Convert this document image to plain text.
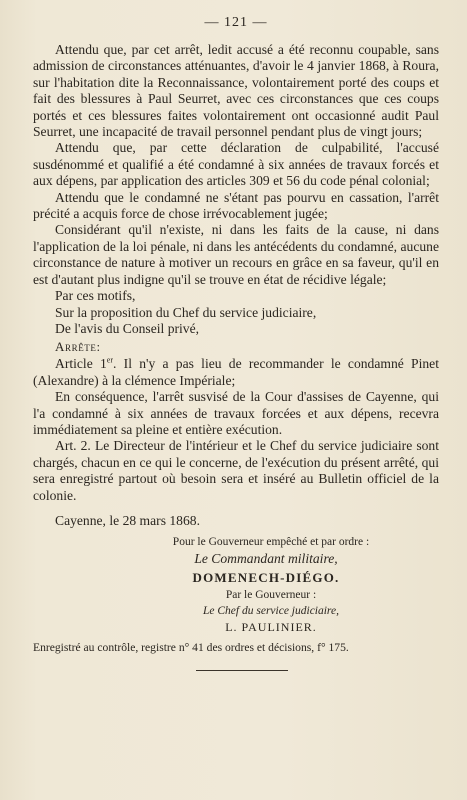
— 121 —

Attendu que, par cet arrêt, ledit accusé a été reconnu coupable, sans admission de circonstances atténuantes, d'avoir le 4 janvier 1868, à Roura, sur l'habitation dite la Reconnaissance, volontairement porté des coups et fait des blessures à Paul Seurret, avec ces circonstances que ces coups portés et ces blessures faites volontairement ont occasionné audit Paul Seurret, une incapacité de travail personnel pendant plus de vingt jours;

Attendu que, par cette déclaration de culpabilité, l'accusé susdénommé et qualifié a été condamné à six années de travaux forcés et aux dépens, par application des articles 309 et 56 du code pénal colonial;

Attendu que le condamné ne s'étant pas pourvu en cassation, l'arrêt précité a acquis force de chose irrévocablement jugée;

Considérant qu'il n'existe, ni dans les faits de la cause, ni dans l'application de la loi pénale, ni dans les antécédents du condamné, aucune circonstance de nature à motiver un recours en grâce en sa faveur, qu'il en est d'autant plus indigne qu'il se trouve en état de récidive légale;

Par ces motifs,
Sur la proposition du Chef du service judiciaire,
De l'avis du Conseil privé,
Arrête:

Article 1er. Il n'y a pas lieu de recommander le condamné Pinet (Alexandre) à la clémence Impériale;

En conséquence, l'arrêt susvisé de la Cour d'assises de Cayenne, qui l'a condamné à six années de travaux forcées et aux dépens, recevra immédiatement sa pleine et entière exécution.

Art. 2. Le Directeur de l'intérieur et le Chef du service judiciaire sont chargés, chacun en ce qui le concerne, de l'exécution du présent arrêté, qui sera enregistré partout où besoin sera et inséré au Bulletin officiel de la colonie.

Cayenne, le 28 mars 1868.
Pour le Gouverneur empêché et par ordre :
Le Commandant militaire,
DOMENECH-DIÉGO.
Par le Gouverneur :
Le Chef du service judiciaire,
L. PAULINIER.
Enregistré au contrôle, registre n° 41 des ordres et décisions, f° 175.
